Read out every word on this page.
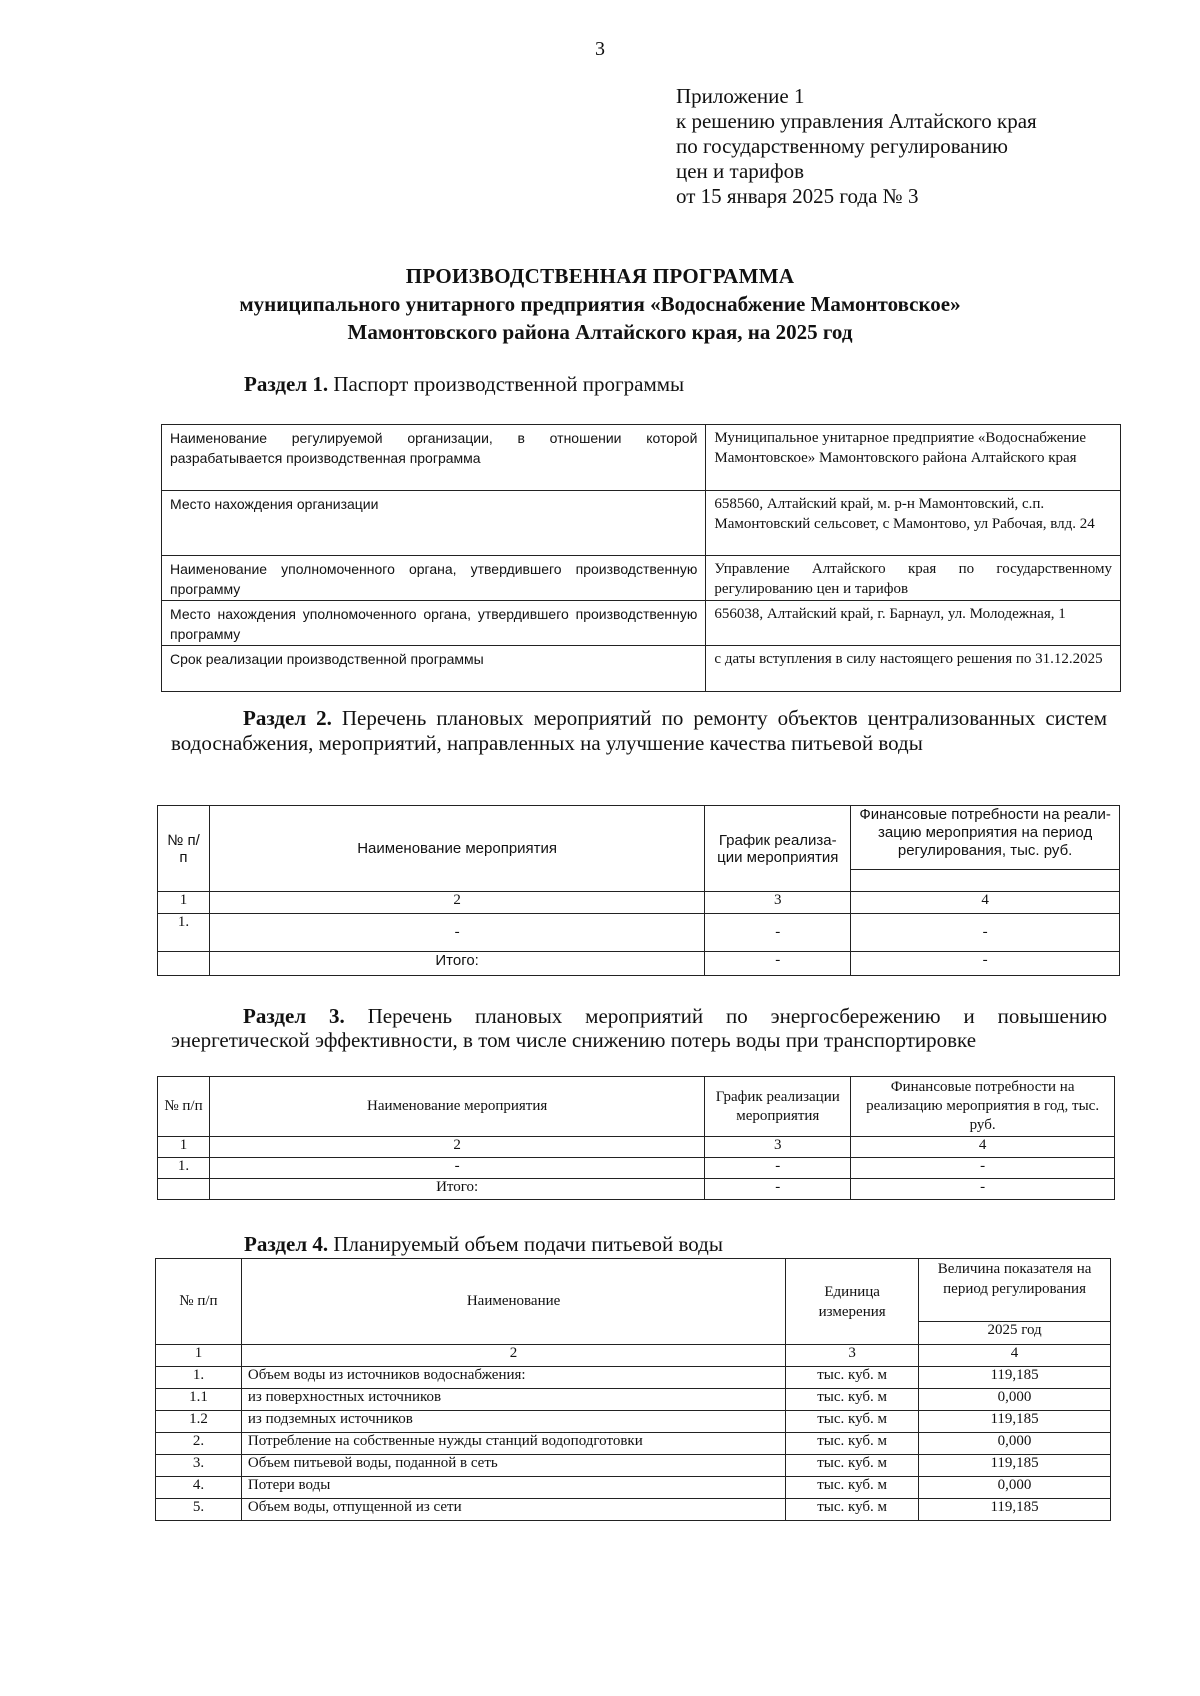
3
Приложение 1
к решению управления Алтайского края
по государственному регулированию
цен и тарифов
от 15 января 2025 года № 3
ПРОИЗВОДСТВЕННАЯ ПРОГРАММА
муниципального унитарного предприятия «Водоснабжение Мамонтовское»
Мамонтовского района Алтайского края, на 2025 год
Раздел 1. Паспорт производственной программы
Наименование регулируемой организации, в отношении которой разрабатывается производственная программа	Муниципальное унитарное предприятие «Водоснабжение Мамонтовское» Мамонтовского района Алтайского края
Место нахождения организации	658560, Алтайский край, м. р-н Мамонтовский, с.п. Мамонтовский сельсовет, с Мамонтово, ул Рабочая, влд. 24
Наименование уполномоченного органа, утвердившего производственную программу	Управление Алтайского края по государственному регулированию цен и тарифов
Место нахождения уполномоченного органа, утвердившего производственную программу	656038, Алтайский край, г. Барнаул, ул. Молодежная, 1
Срок реализации производственной программы	с даты вступления в силу настоящего решения по 31.12.2025
Раздел 2. Перечень плановых мероприятий по ремонту объектов централизованных систем водоснабжения, мероприятий, направленных на улучшение качества питьевой воды
№ п/п	Наименование мероприятия	График реализа-ции мероприятия	Финансовые потребности на реали-зацию мероприятия на период регулирования, тыс. руб.

1	2	3	4
1.	-	-	-
	Итого:	-	-
Раздел 3. Перечень плановых мероприятий по энергосбережению и повышению энергетической эффективности, в том числе снижению потерь воды при транспортировке
№ п/п	Наименование мероприятия	График реализации мероприятия	Финансовые потребности на реализацию мероприятия в год, тыс. руб.
1	2	3	4
1.	-	-	-
	Итого:	-	-
Раздел 4. Планируемый объем подачи питьевой воды
№ п/п	Наименование	Единица измерения	Величина показателя на период регулирования
			2025 год
1	2	3	4
1.	Объем воды из источников водоснабжения:	тыс. куб. м	119,185
1.1	из поверхностных источников	тыс. куб. м	0,000
1.2	из подземных источников	тыс. куб. м	119,185
2.	Потребление на собственные нужды станций водоподготовки	тыс. куб. м	0,000
3.	Объем питьевой воды, поданной в сеть	тыс. куб. м	119,185
4.	Потери воды	тыс. куб. м	0,000
5.	Объем воды, отпущенной из сети	тыс. куб. м	119,185
